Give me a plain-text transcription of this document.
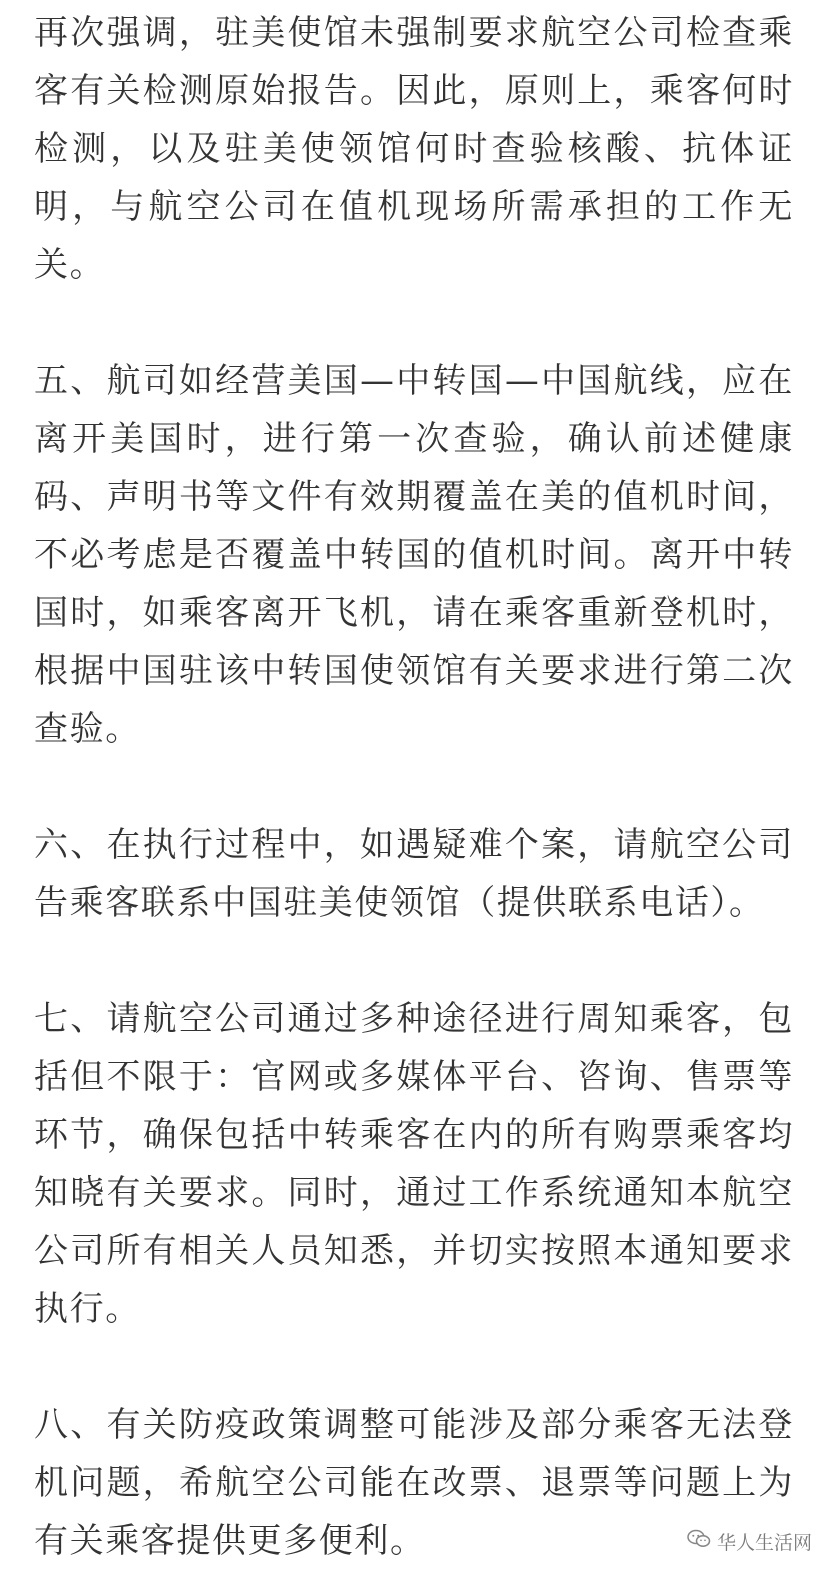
再次强调，驻美使馆未强制要求航空公司检查乘客有关检测原始报告。因此，原则上，乘客何时检测，以及驻美使领馆何时查验核酸、抗体证明，与航空公司在值机现场所需承担的工作无关。

五、航司如经营美国—中转国—中国航线，应在离开美国时，进行第一次查验，确认前述健康码、声明书等文件有效期覆盖在美的值机时间，不必考虑是否覆盖中转国的值机时间。离开中转国时，如乘客离开飞机，请在乘客重新登机时，根据中国驻该中转国使领馆有关要求进行第二次查验。

六、在执行过程中，如遇疑难个案，请航空公司告乘客联系中国驻美使领馆（提供联系电话）。

七、请航空公司通过多种途径进行周知乘客，包括但不限于：官网或多媒体平台、咨询、售票等环节，确保包括中转乘客在内的所有购票乘客均知晓有关要求。同时，通过工作系统通知本航空公司所有相关人员知悉，并切实按照本通知要求执行。

八、有关防疫政策调整可能涉及部分乘客无法登机问题，希航空公司能在改票、退票等问题上为有关乘客提供更多便利。	华人生活网
